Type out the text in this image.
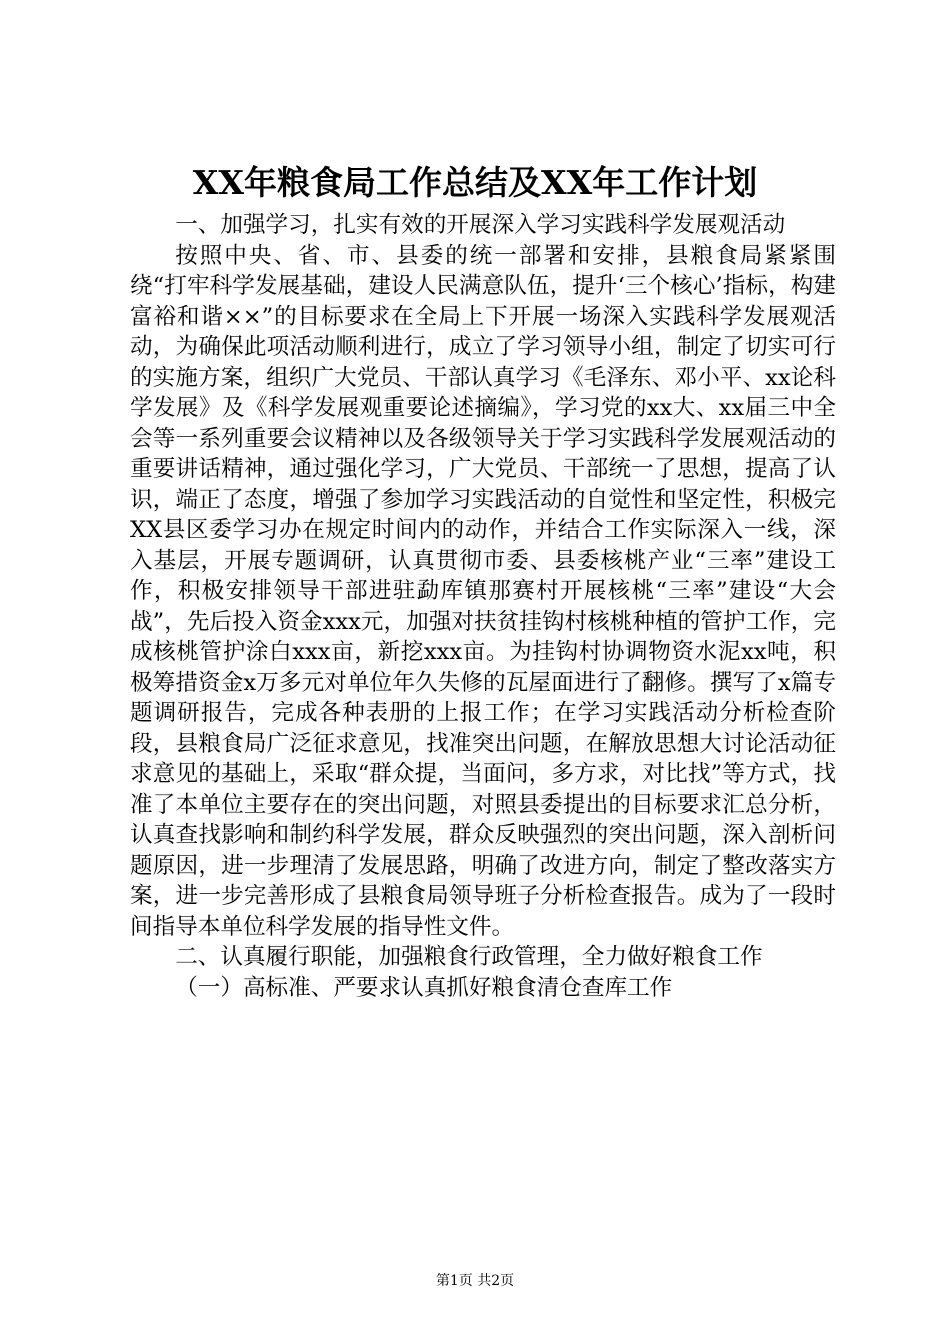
XX年粮食局工作总结及XX年工作计划

一、加强学习，扎实有效的开展深入学习实践科学发展观活动

按照中央、省、市、县委的统一部署和安排，县粮食局紧紧围绕“打牢科学发展基础，建设人民满意队伍，提升‘三个核心’指标，构建富裕和谐××”的目标要求在全局上下开展一场深入实践科学发展观活动，为确保此项活动顺利进行，成立了学习领导小组，制定了切实可行的实施方案，组织广大党员、干部认真学习《毛泽东、邓小平、xx论科学发展》及《科学发展观重要论述摘编》，学习党的xx大、xx届三中全会等一系列重要会议精神以及各级领导关于学习实践科学发展观活动的重要讲话精神，通过强化学习，广大党员、干部统一了思想，提高了认识，端正了态度，增强了参加学习实践活动的自觉性和坚定性，积极完XX县区委学习办在规定时间内的动作，并结合工作实际深入一线，深入基层，开展专题调研，认真贯彻市委、县委核桃产业“三率”建设工作，积极安排领导干部进驻勐库镇那赛村开展核桃“三率”建设“大会战”，先后投入资金xxx元，加强对扶贫挂钩村核桃种植的管护工作，完成核桃管护涂白xxx亩，新挖xxx亩。为挂钩村协调物资水泥xx吨，积极筹措资金x万多元对单位年久失修的瓦屋面进行了翻修。撰写了x篇专题调研报告，完成各种表册的上报工作；在学习实践活动分析检查阶段，县粮食局广泛征求意见，找准突出问题，在解放思想大讨论活动征求意见的基础上，采取“群众提，当面问，多方求，对比找”等方式，找准了本单位主要存在的突出问题，对照县委提出的目标要求汇总分析，认真查找影响和制约科学发展，群众反映强烈的突出问题，深入剖析问题原因，进一步理清了发展思路，明确了改进方向，制定了整改落实方案，进一步完善形成了县粮食局领导班子分析检查报告。成为了一段时间指导本单位科学发展的指导性文件。

二、认真履行职能，加强粮食行政管理，全力做好粮食工作

（一）高标准、严要求认真抓好粮食清仓查库工作

第1页 共2页
